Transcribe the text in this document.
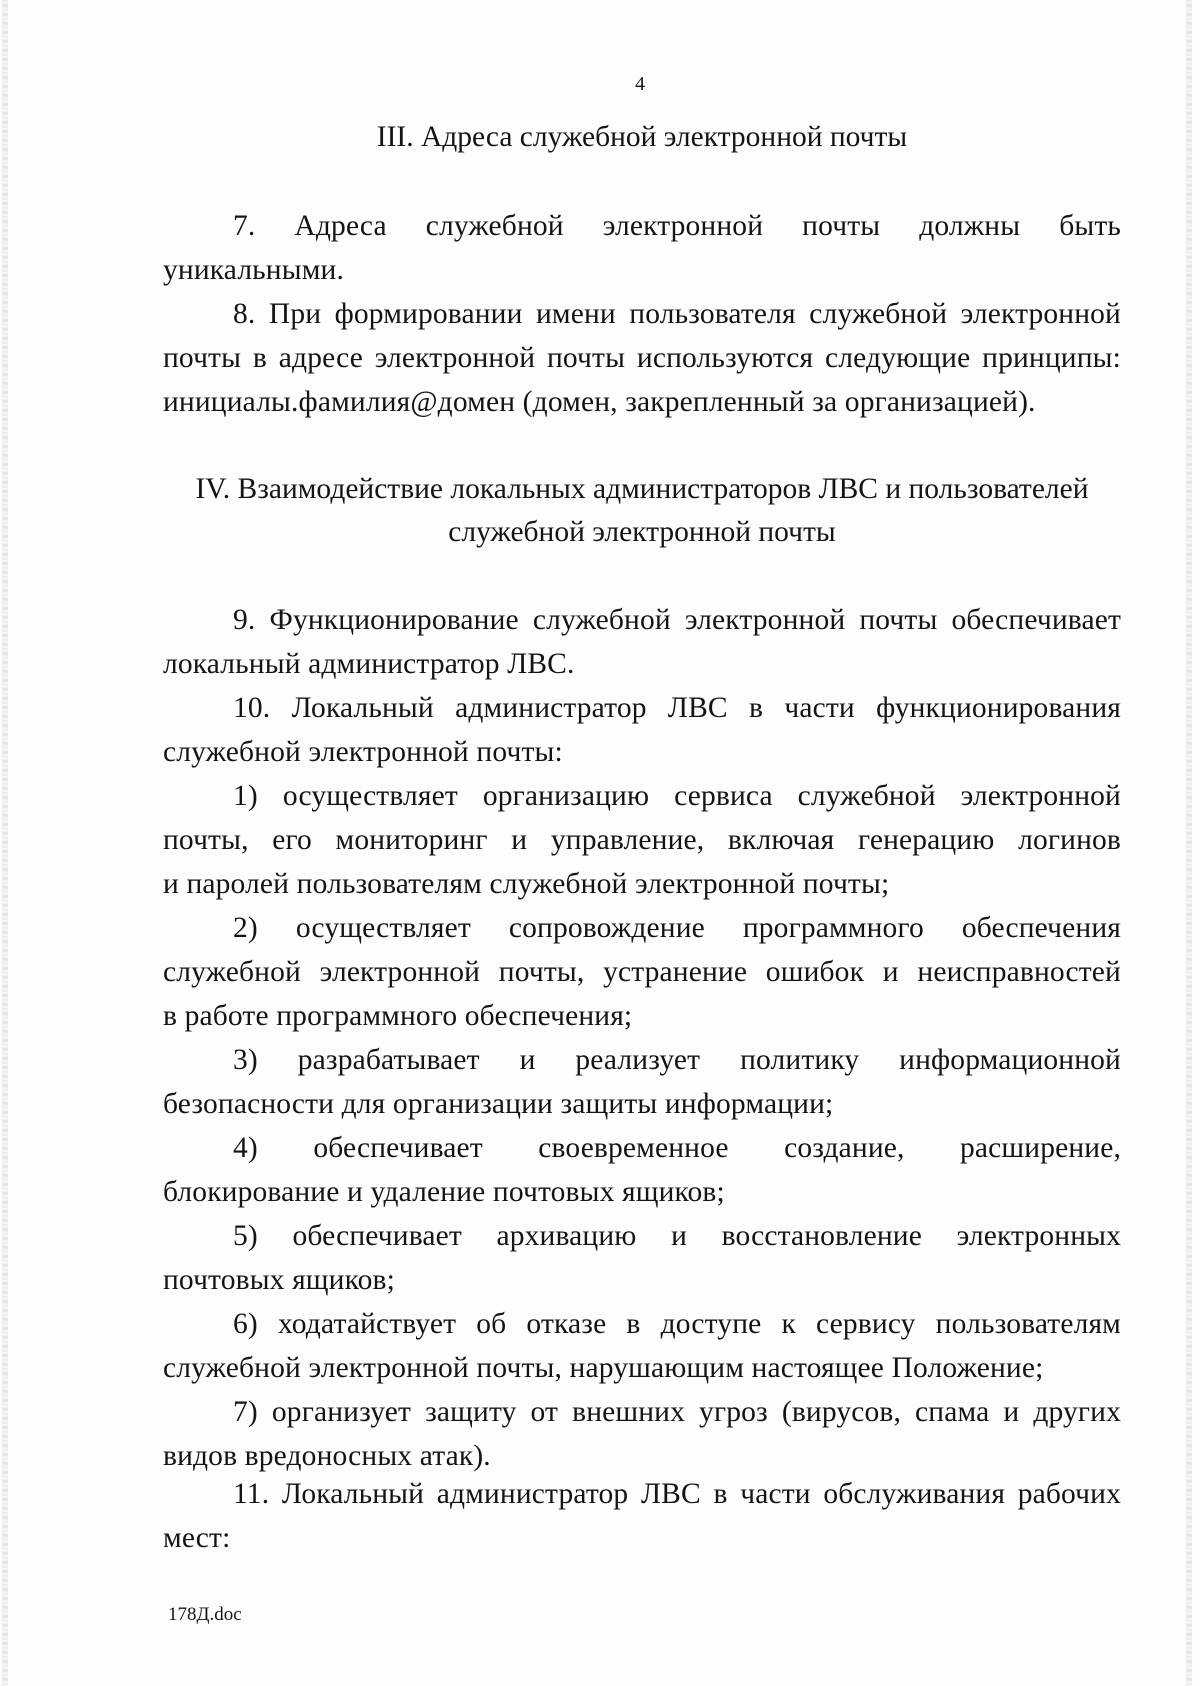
4
III. Адреса служебной электронной почты
7. Адреса служебной электронной почты должны быть
уникальными.
8. При формировании имени пользователя служебной электронной
почты в адресе электронной почты используются следующие принципы:
инициалы.фамилия@домен (домен, закрепленный за организацией).
IV. Взаимодействие локальных администраторов ЛВС и пользователей
служебной электронной почты
9. Функционирование служебной электронной почты обеспечивает
локальный администратор ЛВС.
10. Локальный администратор ЛВС в части функционирования
служебной электронной почты:
1) осуществляет организацию сервиса служебной электронной
почты, его мониторинг и управление, включая генерацию логинов
и паролей пользователям служебной электронной почты;
2) осуществляет сопровождение программного обеспечения
служебной электронной почты, устранение ошибок и неисправностей
в работе программного обеспечения;
3) разрабатывает и реализует политику информационной
безопасности для организации защиты информации;
4) обеспечивает своевременное создание, расширение,
блокирование и удаление почтовых ящиков;
5) обеспечивает архивацию и восстановление электронных
почтовых ящиков;
6) ходатайствует об отказе в доступе к сервису пользователям
служебной электронной почты, нарушающим настоящее Положение;
7) организует защиту от внешних угроз (вирусов, спама и других
видов вредоносных атак).
11. Локальный администратор ЛВС в части обслуживания рабочих
мест:
178Д.doc
